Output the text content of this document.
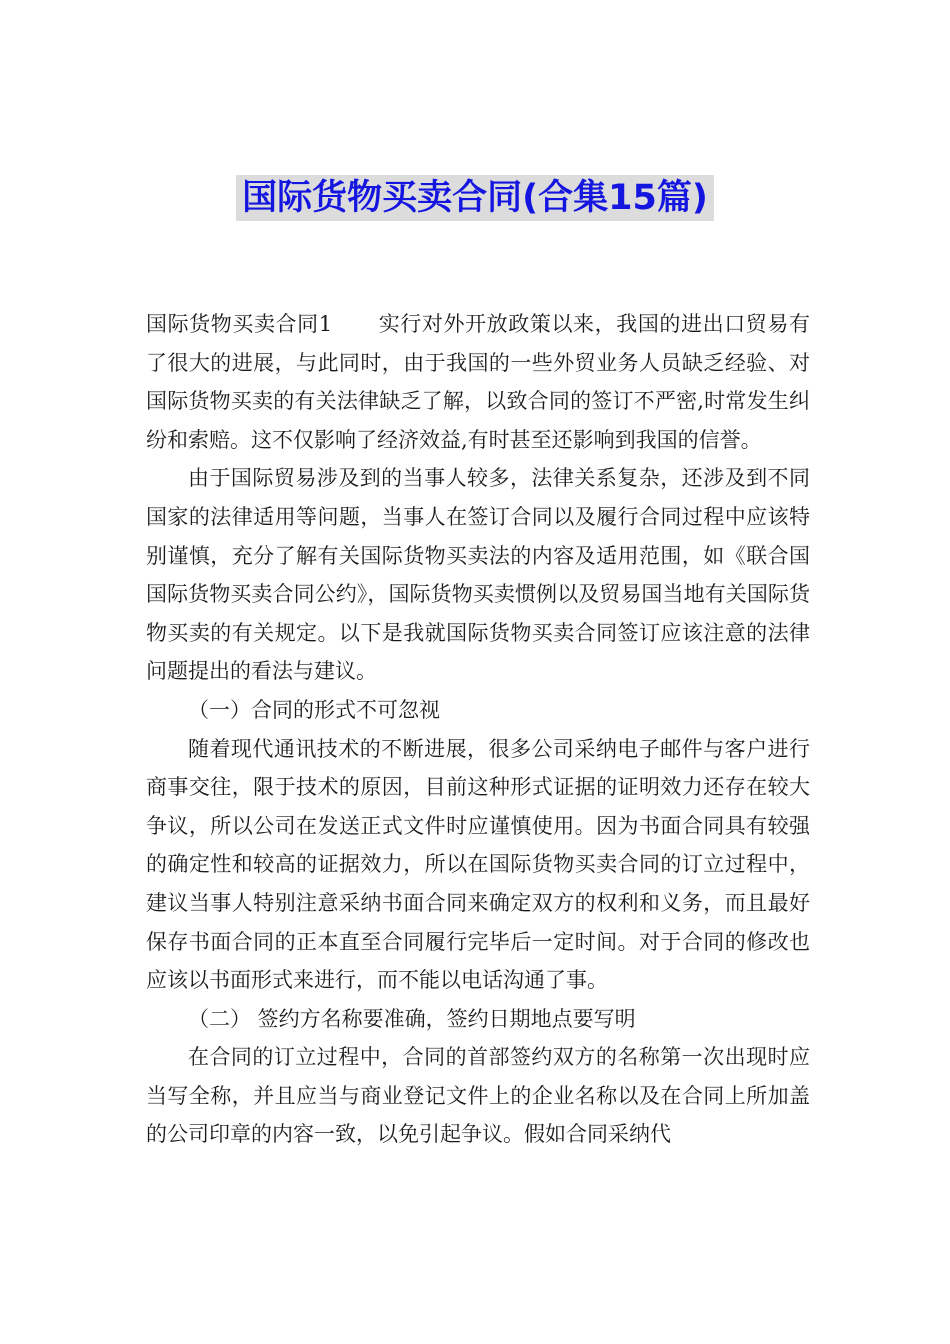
国际货物买卖合同(合集15篇)

国际货物买卖合同1 实行对外开放政策以来，我国的进出口贸易有了很大的进展，与此同时，由于我国的一些外贸业务人员缺乏经验、对国际货物买卖的有关法律缺乏了解，以致合同的签订不严密,时常发生纠纷和索赔。这不仅影响了经济效益,有时甚至还影响到我国的信誉。

由于国际贸易涉及到的当事人较多，法律关系复杂，还涉及到不同国家的法律适用等问题，当事人在签订合同以及履行合同过程中应该特别谨慎，充分了解有关国际货物买卖法的内容及适用范围，如《联合国国际货物买卖合同公约》，国际货物买卖惯例以及贸易国当地有关国际货物买卖的有关规定。以下是我就国际货物买卖合同签订应该注意的法律问题提出的看法与建议。

（一）合同的形式不可忽视

随着现代通讯技术的不断进展，很多公司采纳电子邮件与客户进行商事交往，限于技术的原因，目前这种形式证据的证明效力还存在较大争议，所以公司在发送正式文件时应谨慎使用。因为书面合同具有较强的确定性和较高的证据效力，所以在国际货物买卖合同的订立过程中，建议当事人特别注意采纳书面合同来确定双方的权利和义务，而且最好保存书面合同的正本直至合同履行完毕后一定时间。对于合同的修改也应该以书面形式来进行，而不能以电话沟通了事。

（二） 签约方名称要准确，签约日期地点要写明

在合同的订立过程中，合同的首部签约双方的名称第一次出现时应当写全称，并且应当与商业登记文件上的企业名称以及在合同上所加盖的公司印章的内容一致，以免引起争议。假如合同采纳代
